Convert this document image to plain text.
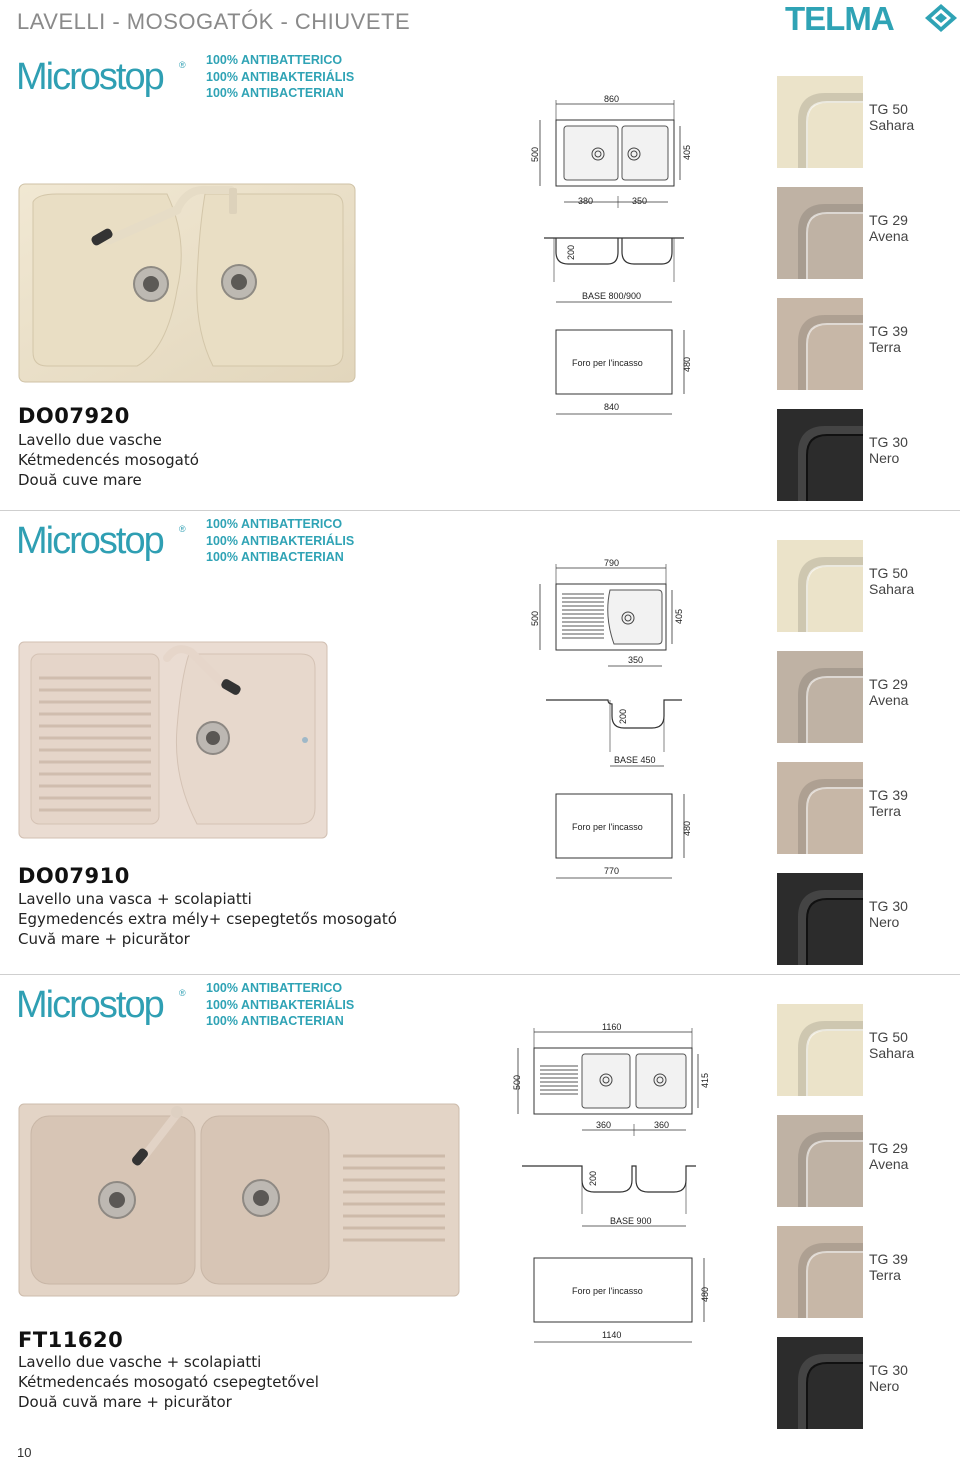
LAVELLI - MOSOGATÓK - CHIUVETE	TELMA
Microstop ® 100% ANTIBATTERICO
100% ANTIBAKTERIÁLIS
100% ANTIBACTERIAN
DO07920
Lavello due vasche
Kétmedencés mosogató
Două cuve mare
860
500	405
380	350
200
BASE 800/900
Foro per l'incasso	480
840
Microstop ® 100% ANTIBATTERICO
100% ANTIBAKTERIÁLIS
100% ANTIBACTERIAN
DO07910
Lavello una vasca + scolapiatti
Egymedencés extra mély+ csepegtetős mosogató
Cuvă mare + picurător
790
500	405
350
200
BASE 450
Foro per l'incasso	480
770
Microstop ® 100% ANTIBATTERICO
100% ANTIBAKTERIÁLIS
100% ANTIBACTERIAN
FT11620
Lavello due vasche + scolapiatti
Kétmedencaés mosogató csepegtetővel
Două cuvă mare + picurător
1160
500	415
360	360
200
BASE 900
Foro per l'incasso	480
1140
TG 50
Sahara
TG 29
Avena
TG 39
Terra
TG 30
Nero
TG 50
Sahara
TG 29
Avena
TG 39
Terra
TG 30
Nero
TG 50
Sahara
TG 29
Avena
TG 39
Terra
TG 30
Nero
10
